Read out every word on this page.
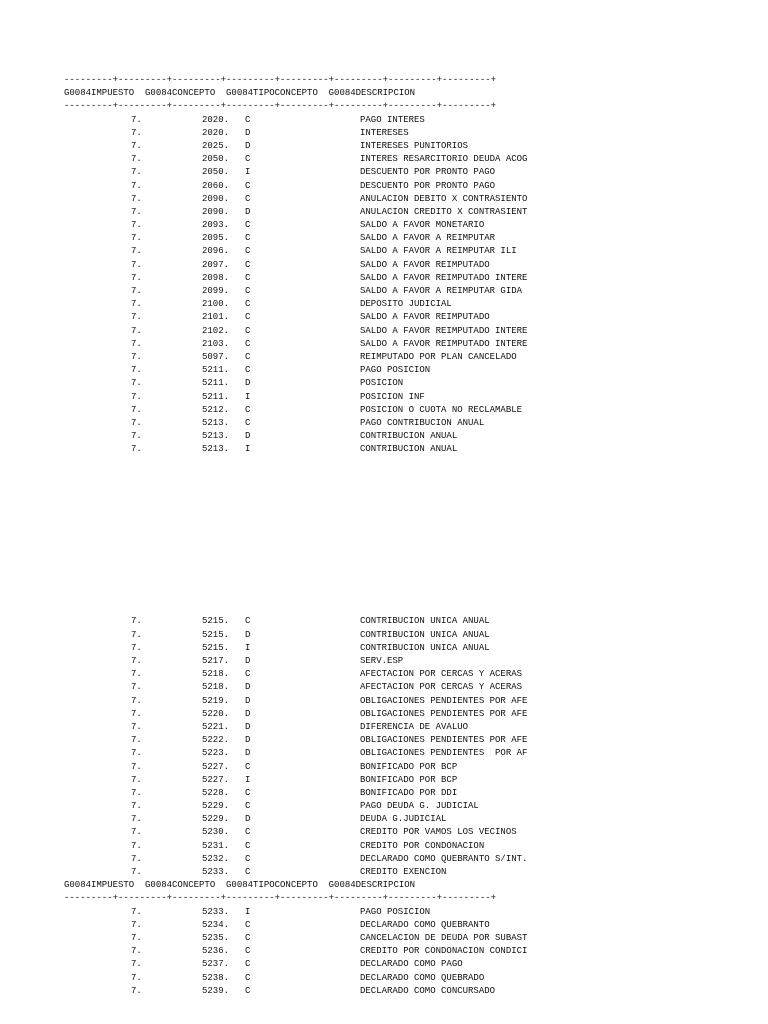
---------+---------+---------+---------+---------+---------+---------+---------+
G0084IMPUESTO  G0084CONCEPTO  G0084TIPOCONCEPTO  G0084DESCRIPCION
---------+---------+---------+---------+---------+---------+---------+---------+
7.	2020. C	PAGO INTERES
7.	2020. D	INTERESES
7.	2025. D	INTERESES PUNITORIOS
7.	2050. C	INTERES RESARCITORIO DEUDA ACOG
7.	2050. I	DESCUENTO POR PRONTO PAGO
7.	2060. C	DESCUENTO POR PRONTO PAGO
7.	2090. C	ANULACION DEBITO X CONTRASIENTO
7.	2090. D	ANULACION CREDITO X CONTRASIENT
7.	2093. C	SALDO A FAVOR MONETARIO
7.	2095. C	SALDO A FAVOR A REIMPUTAR
7.	2096. C	SALDO A FAVOR A REIMPUTAR ILI
7.	2097. C	SALDO A FAVOR REIMPUTADO
7.	2098. C	SALDO A FAVOR REIMPUTADO INTERE
7.	2099. C	SALDO A FAVOR A REIMPUTAR GIDA
7.	2100. C	DEPOSITO JUDICIAL
7.	2101. C	SALDO A FAVOR REIMPUTADO
7.	2102. C	SALDO A FAVOR REIMPUTADO INTERE
7.	2103. C	SALDO A FAVOR REIMPUTADO INTERE
7.	5097. C	REIMPUTADO POR PLAN CANCELADO
7.	5211. C	PAGO POSICION
7.	5211. D	POSICION
7.	5211. I	POSICION INF
7.	5212. C	POSICION O CUOTA NO RECLAMABLE
7.	5213. C	PAGO CONTRIBUCION ANUAL
7.	5213. D	CONTRIBUCION ANUAL
7.	5213. I	CONTRIBUCION ANUAL
7.	5215. C	CONTRIBUCION UNICA ANUAL
7.	5215. D	CONTRIBUCION UNICA ANUAL
7.	5215. I	CONTRIBUCION UNICA ANUAL
7.	5217. D	SERV.ESP
7.	5218. C	AFECTACION POR CERCAS Y ACERAS
7.	5218. D	AFECTACION POR CERCAS Y ACERAS
7.	5219. D	OBLIGACIONES PENDIENTES POR AFE
7.	5220. D	OBLIGACIONES PENDIENTES POR AFE
7.	5221. D	DIFERENCIA DE AVALUO
7.	5222. D	OBLIGACIONES PENDIENTES POR AFE
7.	5223. D	OBLIGACIONES PENDIENTES  POR AF
7.	5227. C	BONIFICADO POR BCP
7.	5227. I	BONIFICADO POR BCP
7.	5228. C	BONIFICADO POR DDI
7.	5229. C	PAGO DEUDA G. JUDICIAL
7.	5229. D	DEUDA G.JUDICIAL
7.	5230. C	CREDITO POR VAMOS LOS VECINOS
7.	5231. C	CREDITO POR CONDONACION
7.	5232. C	DECLARADO COMO QUEBRANTO S/INT.
7.	5233. C	CREDITO EXENCION
G0084IMPUESTO  G0084CONCEPTO  G0084TIPOCONCEPTO  G0084DESCRIPCION
---------+---------+---------+---------+---------+---------+---------+---------+
7.	5233. I	PAGO POSICION
7.	5234. C	DECLARADO COMO QUEBRANTO
7.	5235. C	CANCELACION DE DEUDA POR SUBAST
7.	5236. C	CREDITO POR CONDONACION CONDICI
7.	5237. C	DECLARADO COMO PAGO
7.	5238. C	DECLARADO COMO QUEBRADO
7.	5239. C	DECLARADO COMO CONCURSADO
